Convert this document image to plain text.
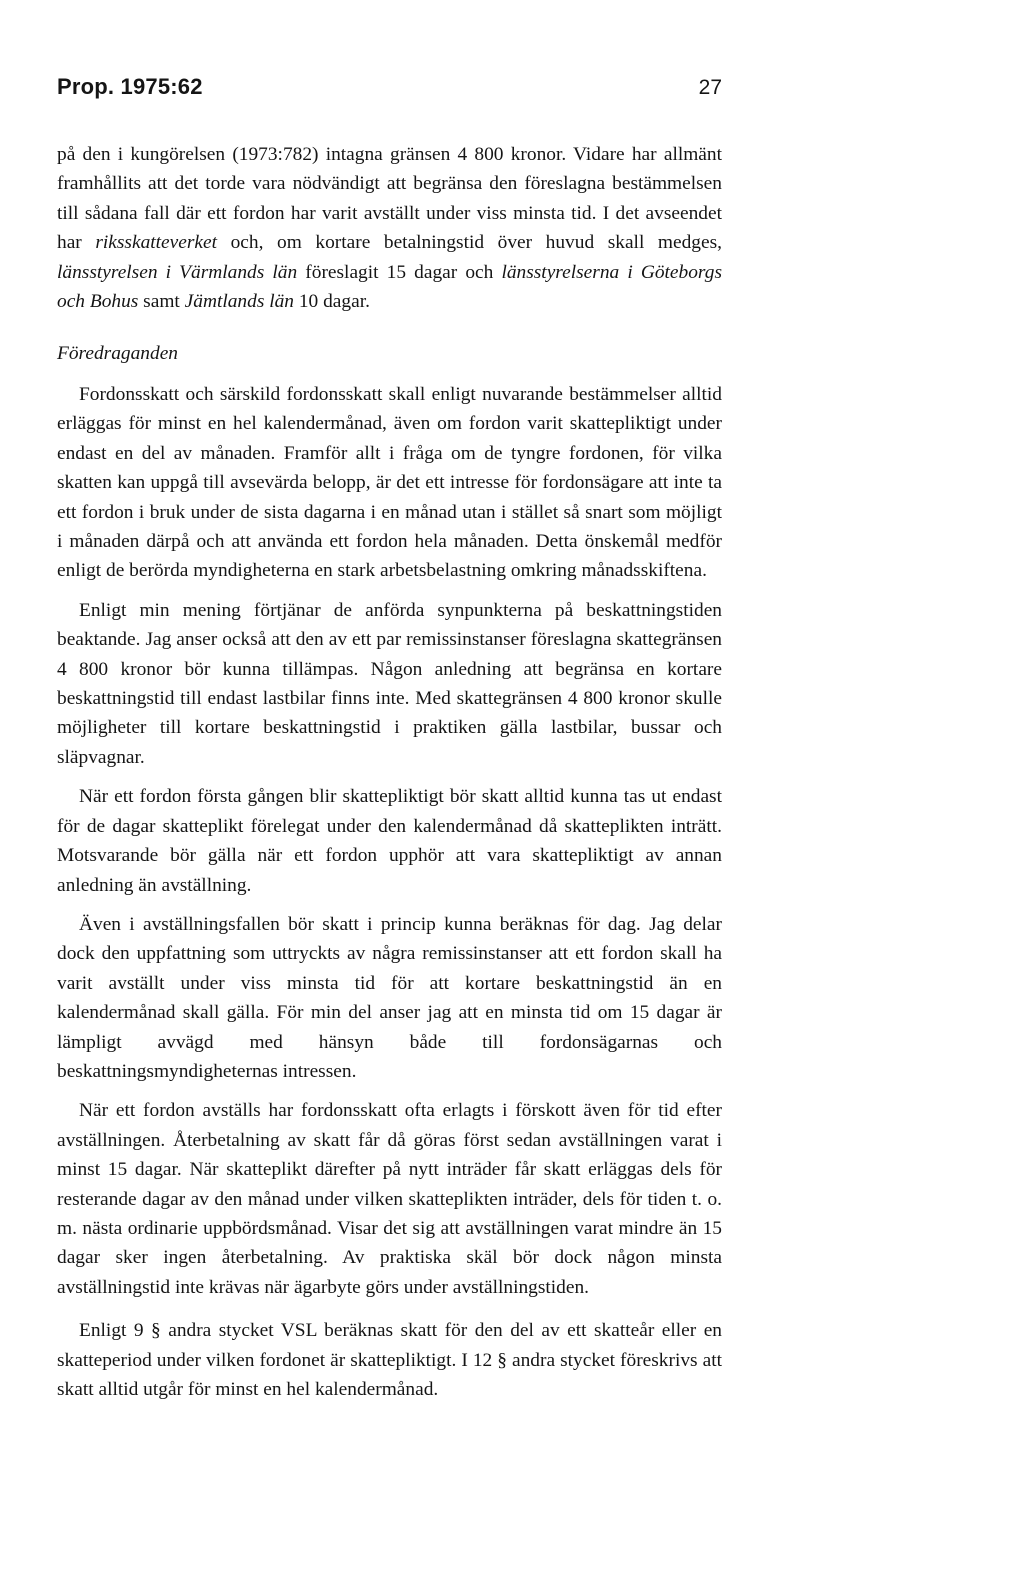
Prop. 1975:62	27

på den i kungörelsen (1973:782) intagna gränsen 4 800 kronor. Vidare har allmänt framhållits att det torde vara nödvändigt att begränsa den föreslagna bestämmelsen till sådana fall där ett fordon har varit avställt under viss minsta tid. I det avseendet har riksskatteverket och, om kortare betalningstid över huvud skall medges, länsstyrelsen i Värmlands län föreslagit 15 dagar och länsstyrelserna i Göteborgs och Bohus samt Jämtlands län 10 dagar.

Föredraganden

Fordonsskatt och särskild fordonsskatt skall enligt nuvarande bestämmelser alltid erläggas för minst en hel kalendermånad, även om fordon varit skattepliktigt under endast en del av månaden. Framför allt i fråga om de tyngre fordonen, för vilka skatten kan uppgå till avsevärda belopp, är det ett intresse för fordonsägare att inte ta ett fordon i bruk under de sista dagarna i en månad utan i stället så snart som möjligt i månaden därpå och att använda ett fordon hela månaden. Detta önskemål medför enligt de berörda myndigheterna en stark arbetsbelastning omkring månadsskiftena.

Enligt min mening förtjänar de anförda synpunkterna på beskattningstiden beaktande. Jag anser också att den av ett par remissinstanser föreslagna skattegränsen 4 800 kronor bör kunna tillämpas. Någon anledning att begränsa en kortare beskattningstid till endast lastbilar finns inte. Med skattegränsen 4 800 kronor skulle möjligheter till kortare beskattningstid i praktiken gälla lastbilar, bussar och släpvagnar.

När ett fordon första gången blir skattepliktigt bör skatt alltid kunna tas ut endast för de dagar skatteplikt förelegat under den kalendermånad då skatteplikten inträtt. Motsvarande bör gälla när ett fordon upphör att vara skattepliktigt av annan anledning än avställning.

Även i avställningsfallen bör skatt i princip kunna beräknas för dag. Jag delar dock den uppfattning som uttryckts av några remissinstanser att ett fordon skall ha varit avställt under viss minsta tid för att kortare beskattningstid än en kalendermånad skall gälla. För min del anser jag att en minsta tid om 15 dagar är lämpligt avvägd med hänsyn både till fordonsägarnas och beskattningsmyndigheternas intressen.

När ett fordon avställs har fordonsskatt ofta erlagts i förskott även för tid efter avställningen. Återbetalning av skatt får då göras först sedan avställningen varat i minst 15 dagar. När skatteplikt därefter på nytt inträder får skatt erläggas dels för resterande dagar av den månad under vilken skatteplikten inträder, dels för tiden t. o. m. nästa ordinarie uppbördsmånad. Visar det sig att avställningen varat mindre än 15 dagar sker ingen återbetalning. Av praktiska skäl bör dock någon minsta avställningstid inte krävas när ägarbyte görs under avställningstiden.

Enligt 9 § andra stycket VSL beräknas skatt för den del av ett skatteår eller en skatteperiod under vilken fordonet är skattepliktigt. I 12 § andra stycket föreskrivs att skatt alltid utgår för minst en hel kalendermånad.
